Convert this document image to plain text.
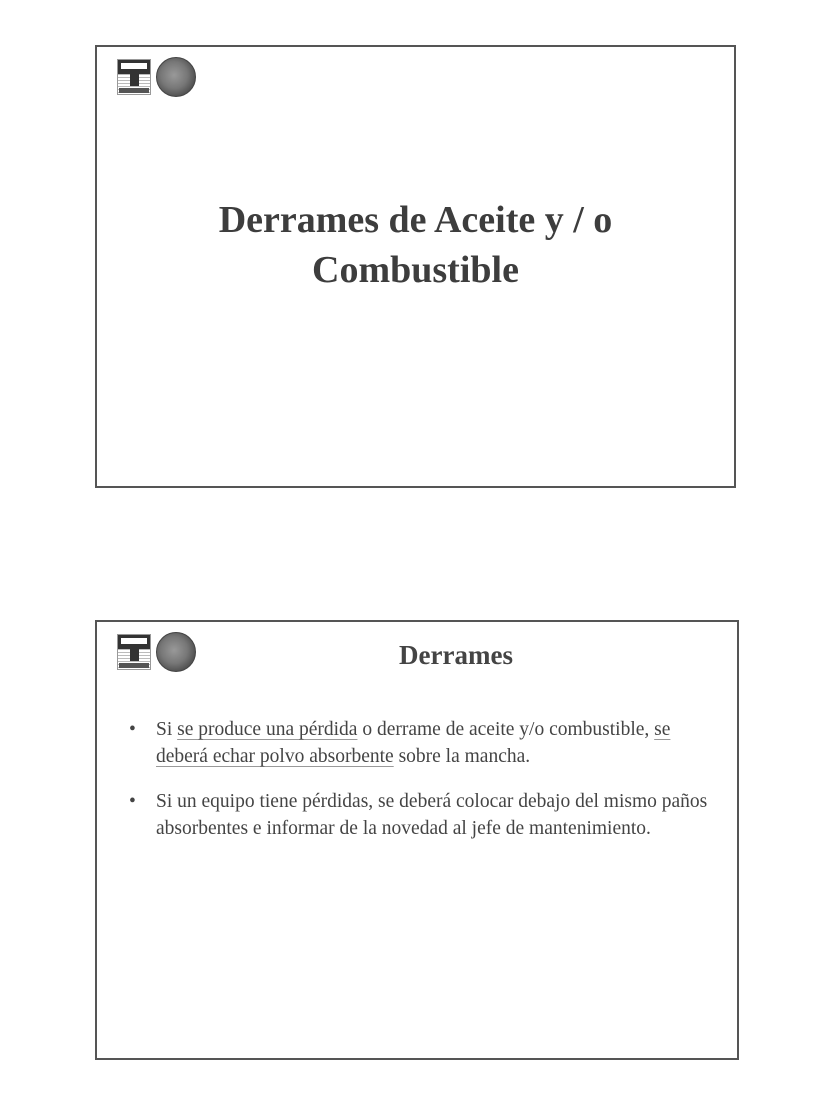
Derrames de Aceite y / o
Combustible
Derrames
• Si se produce una pérdida o derrame de aceite y/o combustible, se deberá echar polvo absorbente sobre la mancha.
• Si un equipo tiene pérdidas, se deberá colocar debajo del mismo paños absorbentes e informar de la novedad al jefe de mantenimiento.
